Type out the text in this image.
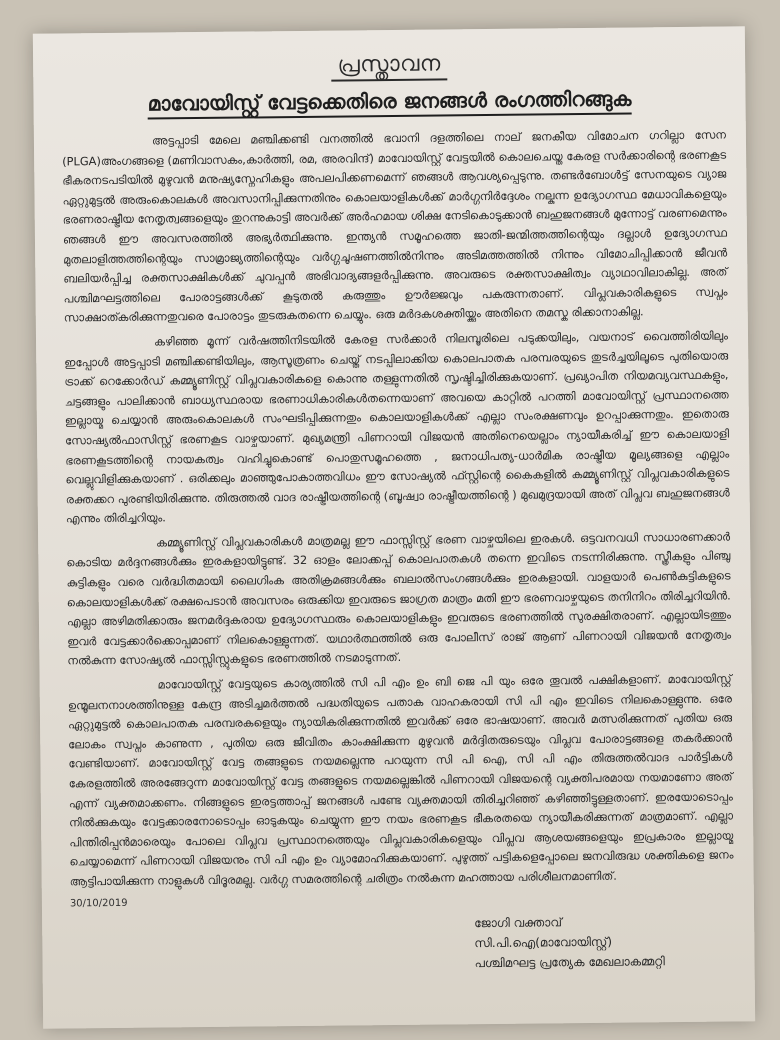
പ്രസ്താവന
മാവോയിസ്റ്റ് വേട്ടക്കെതിരെ ജനങ്ങൾ രംഗത്തിറങ്ങുക

അട്ടപ്പാടി മേലെ മഞ്ചിക്കണ്ടി വനത്തിൽ ഭവാനി ദളത്തിലെ നാല് ജനകീയ വിമോചന ഗറില്ലാ സേന (PLGA)അംഗങ്ങളെ (മണിവാസകം,കാർത്തി, രമ, അരവിന്ദ്) മാവോയിസ്റ്റ് വേട്ടയിൽ കൊലചെയ്ത കേരള സർക്കാരിന്റെ ഭരണകൂട ഭീകരനടപടിയിൽ മുഴുവൻ മനുഷ്യസ്നേഹികളും അപലപിക്കണമെന്ന് ഞങ്ങൾ ആവശ്യപ്പെടുന്നു. തണ്ടർബോൾട്ട് സേനയുടെ വ്യാജ ഏറ്റുമുട്ടൽ അരുംകൊലകൾ അവസാനിപ്പിക്കുന്നതിനും കൊലയാളികൾക്ക് മാർഗ്ഗനിർദ്ദേശം നല്കുന്ന ഉദ്യോഗസ്ഥ മേധാവികളെയും ഭരണരാഷ്ട്രീയ നേതൃത്വങ്ങളെയും തുറന്നുകാട്ടി അവർക്ക് അർഹമായ ശിക്ഷ നേടികൊടുക്കാൻ ബഹുജനങ്ങൾ മുന്നോട്ട് വരണമെന്നും ഞങ്ങൾ ഈ അവസരത്തിൽ അഭ്യർത്ഥിക്കുന്നു. ഇന്ത്യൻ സമൂഹത്തെ ജാതി-ജന്മിത്തത്തിന്റെയും ദല്ലാൾ ഉദ്യോഗസ്ഥ മുതലാളിത്തത്തിന്റെയും സാമ്രാജ്യത്തിന്റെയും വർഗ്ഗചൂഷണത്തിൽനിന്നും അടിമത്തത്തിൽ നിന്നും വിമോചിപ്പിക്കാൻ ജീവൻ ബലിയർപ്പിച്ച രക്തസാക്ഷികൾക്ക് ചുവപ്പൻ അഭിവാദ്യങ്ങളർപ്പിക്കുന്നു. അവരുടെ രക്തസാക്ഷിത്വം വ്യാഥാവിലാകില്ല. അത് പശ്ചിമഘട്ടത്തിലെ പോരാട്ടങ്ങൾക്ക് കൂടുതൽ കരുത്തും ഊർജ്ജവും പകരുന്നതാണ്. വിപ്ലവകാരികളുടെ സ്വപ്നം സാക്ഷാത്കരിക്കുന്നതുവരെ പോരാട്ടം തുടരുകതന്നെ ചെയ്യും. ഒരു മർദകശക്തിയ്ക്കും അതിനെ തമസ്ക രിക്കാനാകില്ല.

കഴിഞ്ഞ മൂന്ന് വർഷത്തിനിടയിൽ കേരള സർക്കാർ നിലമ്പൂരിലെ പടുക്കയിലും, വയനാട് വൈത്തിരിയിലും ഇപ്പോൾ അട്ടപ്പാടി മഞ്ചിക്കണ്ടിയിലും, ആസൂത്രണം ചെയ്ത് നടപ്പിലാക്കിയ കൊലപാതക പരമ്പരയുടെ തുടർച്ചയിലൂടെ പുതിയൊരു ട്രാക്ക് റെക്കോർഡ് കമ്മ്യൂണിസ്റ്റ് വിപ്ലവകാരികളെ കൊന്നു തള്ളുന്നതിൽ സൃഷ്ടിച്ചിരിക്കുകയാണ്. പ്രഖ്യാപിത നിയമവ്യവസ്ഥകളും, ചട്ടങ്ങളും പാലിക്കാൻ ബാധ്യസ്ഥരായ ഭരണാധികാരികൾതന്നെയാണ് അവയെ കാറ്റിൽ പറത്തി മാവോയിസ്റ്റ് പ്രസ്ഥാനത്തെ ഇല്ലായ്മ ചെയ്യാൻ അരുംകൊലകൾ സംഘടിപ്പിക്കുന്നതും കൊലയാളികൾക്ക് എല്ലാ സംരക്ഷണവും ഉറപ്പാക്കുന്നതും. ഇതൊരു സോഷ്യൽഫാസിസ്റ്റ് ഭരണകൂട വാഴ്ചയാണ്. മുഖ്യമന്ത്രി പിണറായി വിജയൻ അതിനെയെല്ലാം ന്യായീകരിച്ച് ഈ കൊലയാളി ഭരണകൂടത്തിന്റെ നായകത്വം വഹിച്ചുകൊണ്ട് പൊതുസമൂഹത്തെ , ജനാധിപത്യ-ധാർമിക രാഷ്ട്രീയ മൂല്യങ്ങളെ എല്ലാം വെല്ലുവിളിക്കുകയാണ് . ഒരിക്കലും മാഞ്ഞുപോകാത്തവിധം ഈ സോഷ്യൽ ഫ്സ്റ്റിന്റെ കൈകളിൽ കമ്മ്യൂണിസ്റ്റ് വിപ്ലവകാരികളുടെ രക്തക്കറ പുരണ്ടിയിരിക്കുന്നു. തിരുത്തൽ വാദ രാഷ്ട്രീയത്തിന്റെ (ബൂഷ്വാ രാഷ്ട്രീയത്തിന്റെ ) മുഖമുദ്രയായി അത് വിപ്ലവ ബഹുജനങ്ങൾ എന്നും തിരിച്ചറിയും.

കമ്മ്യൂണിസ്റ്റ് വിപ്ലവകാരികൾ മാത്രമല്ല ഈ ഫാസ്സിസ്റ്റ് ഭരണ വാഴ്ചയിലെ ഇരകൾ. ഒട്ടവനവധി സാധാരണക്കാർ കൊടിയ മർദ്ദനങ്ങൾക്കും ഇരകളായിട്ടുണ്ട്. 32 ഓളം ലോക്കപ്പ് കൊലപാതകൾ തന്നെ ഇവിടെ നടന്നിരിക്കുന്നു. സ്ത്രീകളും പിഞ്ചു കുട്ടികളും വരെ വർദ്ധിതമായി ലൈഗിംക അതിക്രമങ്ങൾക്കും ബലാൽസംഗങ്ങൾക്കും ഇരകളായി. വാളയാർ പെൺകുട്ടികളുടെ കൊലയാളികൾക്ക് രക്ഷപെടാൻ അവസരം ഒരുക്കിയ ഇവരുടെ ജാഗ്രത മാത്രം മതി ഈ ഭരണവാഴ്ചയുടെ തനിനിറം തിരിച്ചറിയിൻ. എല്ലാ അഴിമതിക്കാരും ജനമർദ്ദകരായ ഉദ്യോഗസ്ഥരും കൊലയാളികളും ഇവരുടെ ഭരണത്തിൽ സുരക്ഷിതരാണ്. എല്ലായിടത്തും ഇവർ വേട്ടക്കാർക്കൊപ്പമാണ് നിലകൊള്ളുന്നത്. യഥാർത്ഥത്തിൽ ഒരു പോലീസ് രാജ് ആണ് പിണറായി വിജയൻ നേതൃത്വം നൽകുന്ന സോഷ്യൽ ഫാസ്സിസ്റ്റുകളുടെ ഭരണത്തിൽ നടമാടുന്നത്.

മാവോയിസ്റ്റ് വേട്ടയുടെ കാര്യത്തിൽ സി പി എം ഉം ബി ജെ പി യും ഒരേ തൂവൽ പക്ഷികളാണ്. മാവോയിസ്റ്റ് ഉന്മൂലനനാശത്തിനുള്ള കേന്ദ്ര അടിച്ചമർത്തൽ പദ്ധതിയുടെ പതാക വാഹകരായി സി പി എം ഇവിടെ നിലകൊള്ളുന്നു. ഒരേ ഏറ്റുമുട്ടൽ കൊലപാതക പരമ്പരകളെയും ന്യായികരിക്കുന്നതിൽ ഇവർക്ക് ഒരേ ഭാഷയാണ്. അവർ മത്സരിക്കുന്നത് പുതിയ ഒരു ലോകം സ്വപ്നം കാണുന്ന , പുതിയ ഒരു ജീവിതം കാംക്ഷിക്കുന്ന മുഴുവൻ മർദ്ദിതരുടെയും വിപ്ലവ പോരാട്ടങ്ങളെ തകർക്കാൻ വേണ്ടിയാണ്. മാവോയിസ്റ്റ് വേട്ട തങ്ങളുടെ നയമല്ലെന്നു പറയുന്ന സി പി ഐ, സി പി എം തിരുത്തൽവാദ പാർട്ടികൾ കേരളത്തിൽ അരങ്ങേറുന്ന മാവോയിസ്റ്റ് വേട്ട തങ്ങളുടെ നയമല്ലെങ്കിൽ പിണറായി വിജയന്റെ വ്യക്തിപരമായ നയമാണോ അത് എന്ന് വ്യക്തമാക്കണം. നിങ്ങളുടെ ഇരട്ടത്താപ്പ് ജനങ്ങൾ പണ്ടേ വ്യക്തമായി തിരിച്ചറിഞ്ഞ് കഴിഞ്ഞിട്ടുള്ളതാണ്. ഇരയോടൊപ്പം നിൽക്കുകയും വേട്ടക്കാരനോടൊപ്പം ഓടുകയും ചെയ്യുന്ന ഈ നയം ഭരണകൂട ഭീകരതയെ ന്യായീകരിക്കുന്നത് മാത്രമാണ്. എല്ലാ പിന്തിരിപ്പൻമാരെയും പോലെ വിപ്ലവ പ്രസ്ഥാനത്തെയും വിപ്ലവകാരികളെയും വിപ്ലവ ആശയങ്ങളെയും ഇപ്രകാരം ഇല്ലായ്മ ചെയ്യാമെന്ന് പിണറായി വിജയനും സി പി എം ഉം വ്യാമോഹിക്കുകയാണ്. പുഴുത്ത് പട്ടികളെപ്പോലെ ജനവിരുദ്ധ ശക്തികളെ ജനം ആട്ടിപായിക്കുന്ന നാളുകൾ വിദൂരമല്ല. വർഗ്ഗ സമരത്തിന്റെ ചരിത്രം നൽകുന്ന മഹത്തായ പരിശീലനമാണിത്.

30/10/2019
ജോഗി വക്താവ്
സി.പി.ഐ(മാവോയിസ്റ്റ്)
പശ്ചിമഘട്ട പ്രത്യേക മേഖലാകമ്മറ്റി
